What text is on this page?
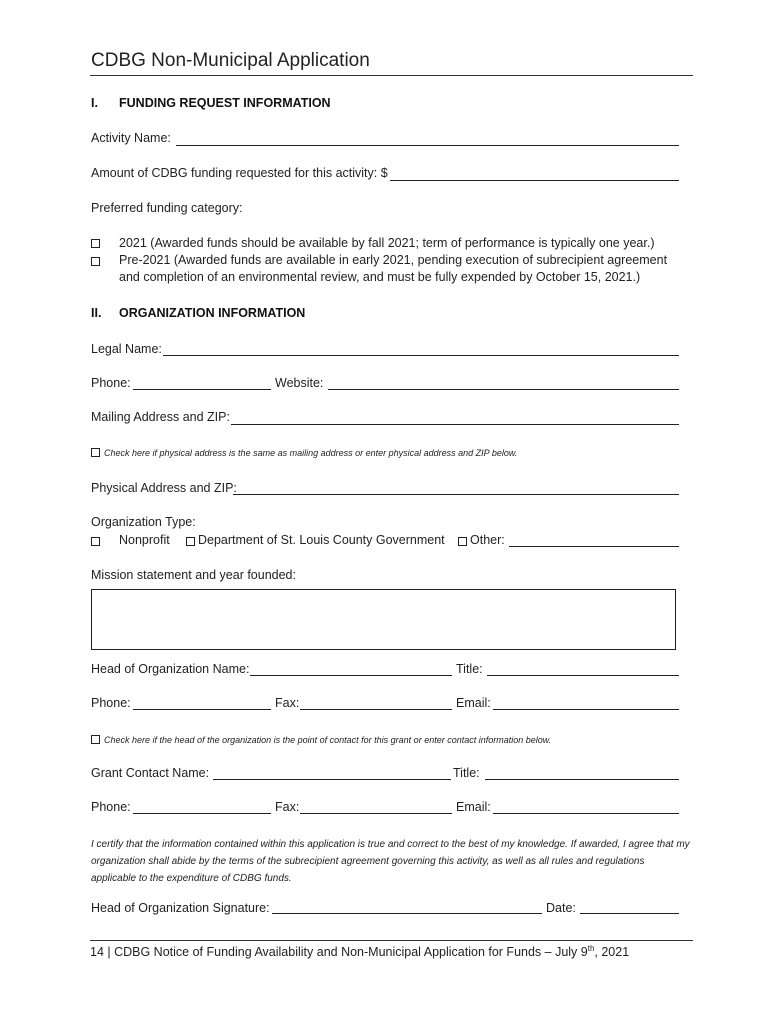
CDBG Non-Municipal Application
I. FUNDING REQUEST INFORMATION
Activity Name:
Amount of CDBG funding requested for this activity: $
Preferred funding category:
2021 (Awarded funds should be available by fall 2021; term of performance is typically one year.)
Pre-2021 (Awarded funds are available in early 2021, pending execution of subrecipient agreement
and completion of an environmental review, and must be fully expended by October 15, 2021.)
II. ORGANIZATION INFORMATION
Legal Name:
Phone:	Website:
Mailing Address and ZIP:
Check here if physical address is the same as mailing address or enter physical address and ZIP below.
Physical Address and ZIP:
Organization Type:
Nonprofit Department of St. Louis County Government Other:
Mission statement and year founded:
Head of Organization Name:	Title:
Phone:	Fax:	Email:
Check here if the head of the organization is the point of contact for this grant or enter contact information below.
Grant Contact Name:	Title:
Phone:	Fax:	Email:
I certify that the information contained within this application is true and correct to the best of my knowledge. If awarded, I agree that my organization shall abide by the terms of the subrecipient agreement governing this activity, as well as all rules and regulations applicable to the expenditure of CDBG funds.
Head of Organization Signature:	Date:
14 | CDBG Notice of Funding Availability and Non-Municipal Application for Funds – July 9th, 2021
